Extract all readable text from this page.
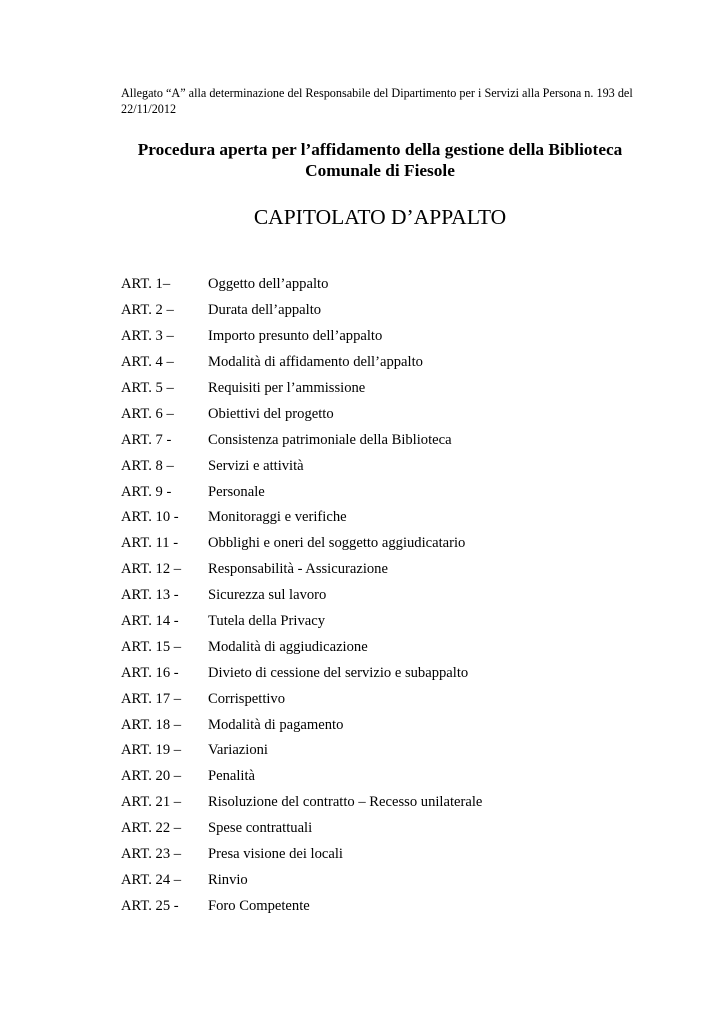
Allegato “A” alla determinazione del Responsabile del Dipartimento per i Servizi alla Persona n. 193 del 22/11/2012
Procedura aperta per l’affidamento della gestione della Biblioteca Comunale di Fiesole
CAPITOLATO D’APPALTO
ART. 1–	Oggetto dell’appalto
ART. 2 –	Durata dell’appalto
ART. 3 –	Importo presunto dell’appalto
ART. 4 –	Modalità di affidamento dell’appalto
ART. 5 –	Requisiti per l’ammissione
ART. 6 –	Obiettivi del progetto
ART. 7 -	Consistenza patrimoniale della Biblioteca
ART. 8 –	Servizi e attività
ART. 9 -	Personale
ART. 10 -	Monitoraggi e verifiche
ART. 11 -	Obblighi e oneri del soggetto aggiudicatario
ART. 12 –	Responsabilità - Assicurazione
ART. 13 -	Sicurezza sul lavoro
ART. 14 -	Tutela della Privacy
ART. 15 –	Modalità di aggiudicazione
ART. 16 -	Divieto di cessione del servizio e subappalto
ART. 17 –	Corrispettivo
ART. 18 –	Modalità di pagamento
ART. 19 –	Variazioni
ART. 20 –	Penalità
ART. 21 –	Risoluzione del contratto – Recesso unilaterale
ART. 22 –	Spese contrattuali
ART. 23 –	Presa visione dei locali
ART. 24 –	Rinvio
ART. 25 -	Foro Competente
